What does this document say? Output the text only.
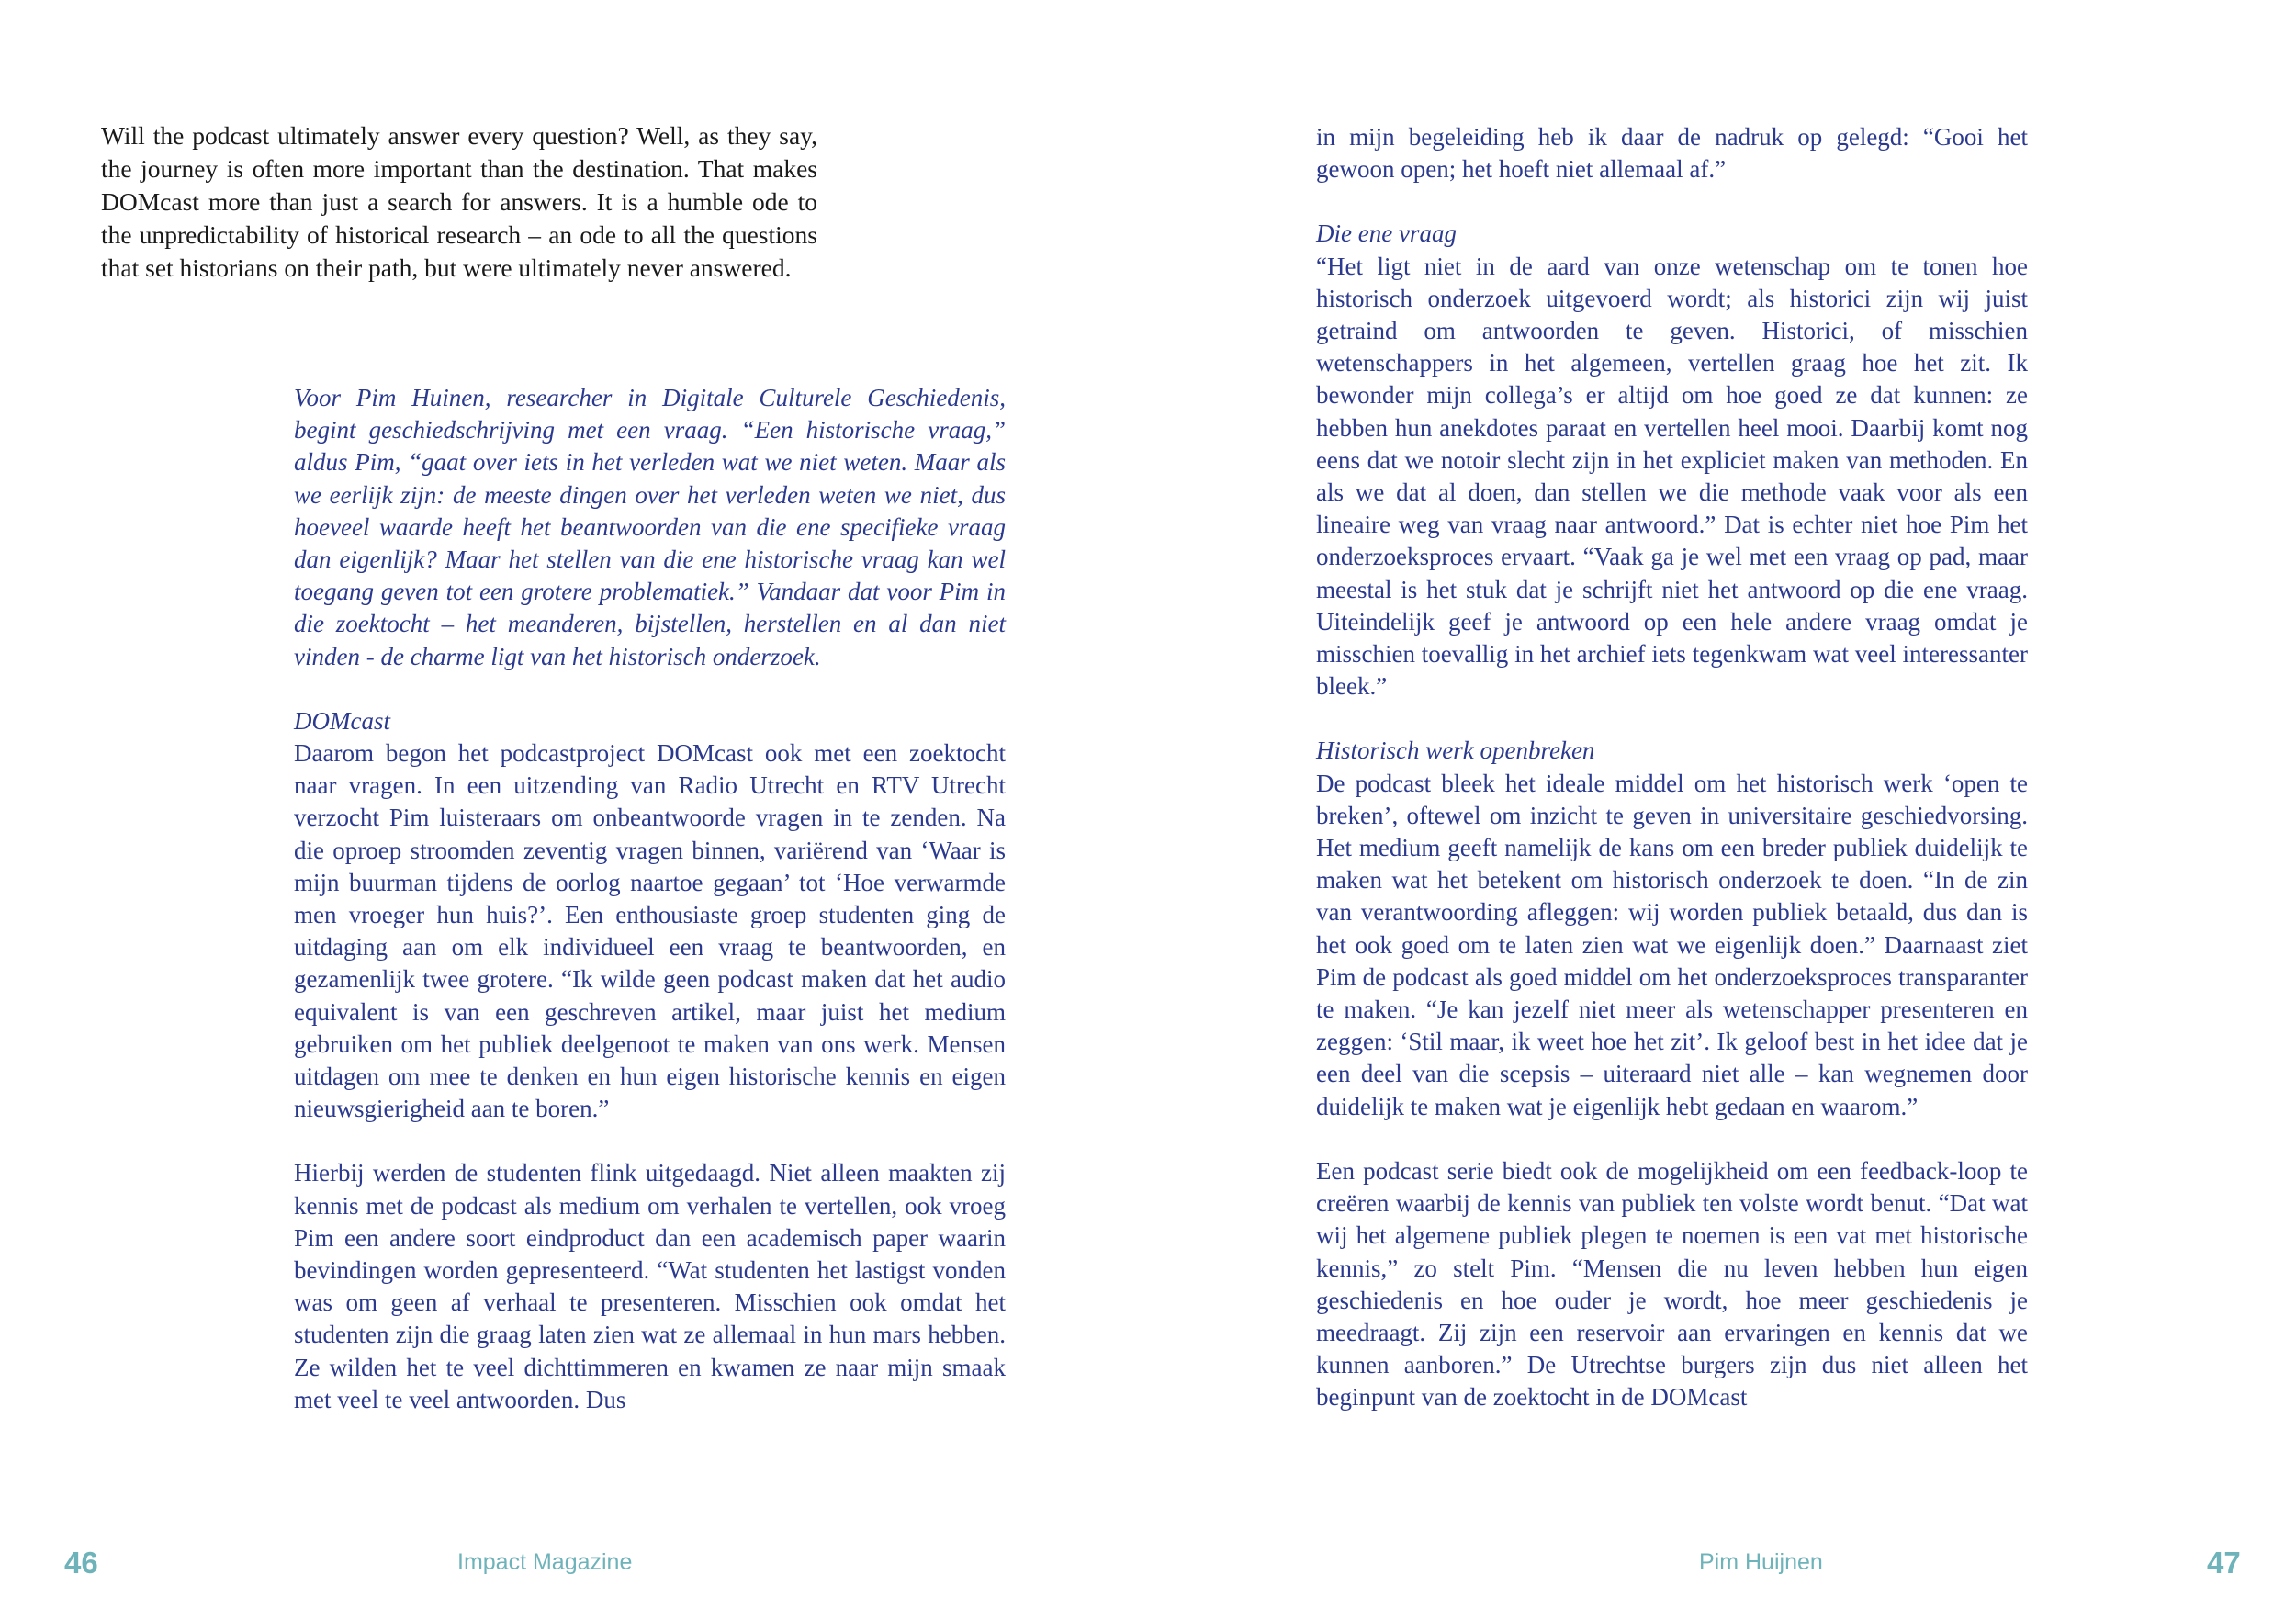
Will the podcast ultimately answer every question? Well, as they say, the journey is often more important than the destination. That makes DOMcast more than just a search for answers. It is a humble ode to the unpredictability of historical research – an ode to all the questions that set historians on their path, but were ultimately never answered.

Voor Pim Huinen, researcher in Digitale Culturele Geschiedenis, begint geschiedschrijving met een vraag. “Een historische vraag,” aldus Pim, “gaat over iets in het verleden wat we niet weten. Maar als we eerlijk zijn: de meeste dingen over het verleden weten we niet, dus hoeveel waarde heeft het beantwoorden van die ene specifieke vraag dan eigenlijk? Maar het stellen van die ene historische vraag kan wel toegang geven tot een grotere problematiek.” Vandaar dat voor Pim in die zoektocht – het meanderen, bijstellen, herstellen en al dan niet vinden - de charme ligt van het historisch onderzoek.

DOMcast

Daarom begon het podcastproject DOMcast ook met een zoektocht naar vragen. In een uitzending van Radio Utrecht en RTV Utrecht verzocht Pim luisteraars om onbeantwoorde vragen in te zenden. Na die oproep stroomden zeventig vragen binnen, variërend van ‘Waar is mijn buurman tijdens de oorlog naartoe gegaan’ tot ‘Hoe verwarmde men vroeger hun huis?’. Een enthousiaste groep studenten ging de uitdaging aan om elk individueel een vraag te beantwoorden, en gezamenlijk twee grotere. “Ik wilde geen podcast maken dat het audio equivalent is van een geschreven artikel, maar juist het medium gebruiken om het publiek deelgenoot te maken van ons werk. Mensen uitdagen om mee te denken en hun eigen historische kennis en eigen nieuwsgierigheid aan te boren.”

Hierbij werden de studenten flink uitgedaagd. Niet alleen maakten zij kennis met de podcast als medium om verhalen te vertellen, ook vroeg Pim een andere soort eindproduct dan een academisch paper waarin bevindingen worden gepresenteerd. “Wat studenten het lastigst vonden was om geen af verhaal te presenteren. Misschien ook omdat het studenten zijn die graag laten zien wat ze allemaal in hun mars hebben. Ze wilden het te veel dichttimmeren en kwamen ze naar mijn smaak met veel te veel antwoorden. Dus

46	Impact Magazine

in mijn begeleiding heb ik daar de nadruk op gelegd: “Gooi het gewoon open; het hoeft niet allemaal af.”

Die ene vraag

“Het ligt niet in de aard van onze wetenschap om te tonen hoe historisch onderzoek uitgevoerd wordt; als historici zijn wij juist getraind om antwoorden te geven. Historici, of misschien wetenschappers in het algemeen, vertellen graag hoe het zit. Ik bewonder mijn collega’s er altijd om hoe goed ze dat kunnen: ze hebben hun anekdotes paraat en vertellen heel mooi. Daarbij komt nog eens dat we notoir slecht zijn in het expliciet maken van methoden. En als we dat al doen, dan stellen we die methode vaak voor als een lineaire weg van vraag naar antwoord.” Dat is echter niet hoe Pim het onderzoeksproces ervaart. “Vaak ga je wel met een vraag op pad, maar meestal is het stuk dat je schrijft niet het antwoord op die ene vraag. Uiteindelijk geef je antwoord op een hele andere vraag omdat je misschien toevallig in het archief iets tegenkwam wat veel interessanter bleek.”

Historisch werk openbreken

De podcast bleek het ideale middel om het historisch werk ‘open te breken’, oftewel om inzicht te geven in universitaire geschiedvorsing. Het medium geeft namelijk de kans om een breder publiek duidelijk te maken wat het betekent om historisch onderzoek te doen. “In de zin van verantwoording afleggen: wij worden publiek betaald, dus dan is het ook goed om te laten zien wat we eigenlijk doen.” Daarnaast ziet Pim de podcast als goed middel om het onderzoeksproces transparanter te maken. “Je kan jezelf niet meer als wetenschapper presenteren en zeggen: ‘Stil maar, ik weet hoe het zit’. Ik geloof best in het idee dat je een deel van die scepsis – uiteraard niet alle – kan wegnemen door duidelijk te maken wat je eigenlijk hebt gedaan en waarom.”

Een podcast serie biedt ook de mogelijkheid om een feedback-loop te creëren waarbij de kennis van publiek ten volste wordt benut. “Dat wat wij het algemene publiek plegen te noemen is een vat met historische kennis,” zo stelt Pim. “Mensen die nu leven hebben hun eigen geschiedenis en hoe ouder je wordt, hoe meer geschiedenis je meedraagt. Zij zijn een reservoir aan ervaringen en kennis dat we kunnen aanboren.” De Utrechtse burgers zijn dus niet alleen het beginpunt van de zoektocht in de DOMcast

Pim Huijnen	47
